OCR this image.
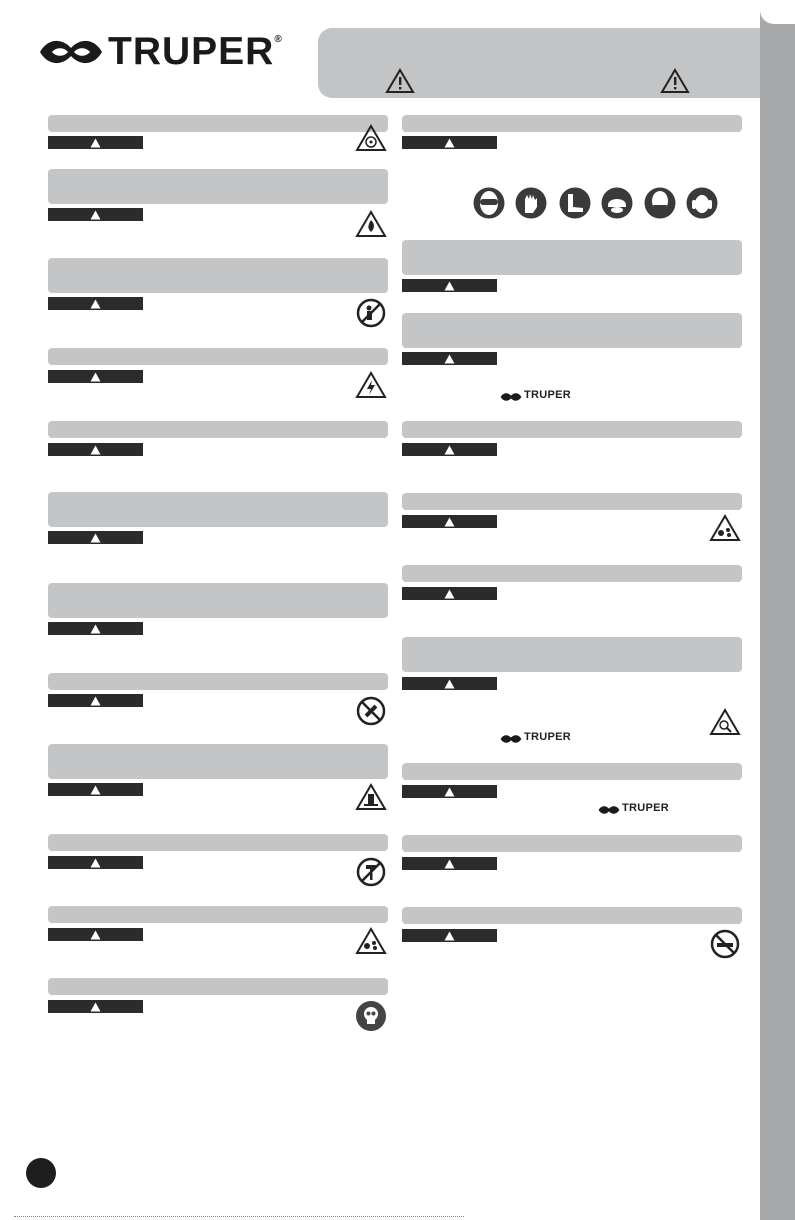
TRUPER®
TRUPER
TRUPER
TRUPER
